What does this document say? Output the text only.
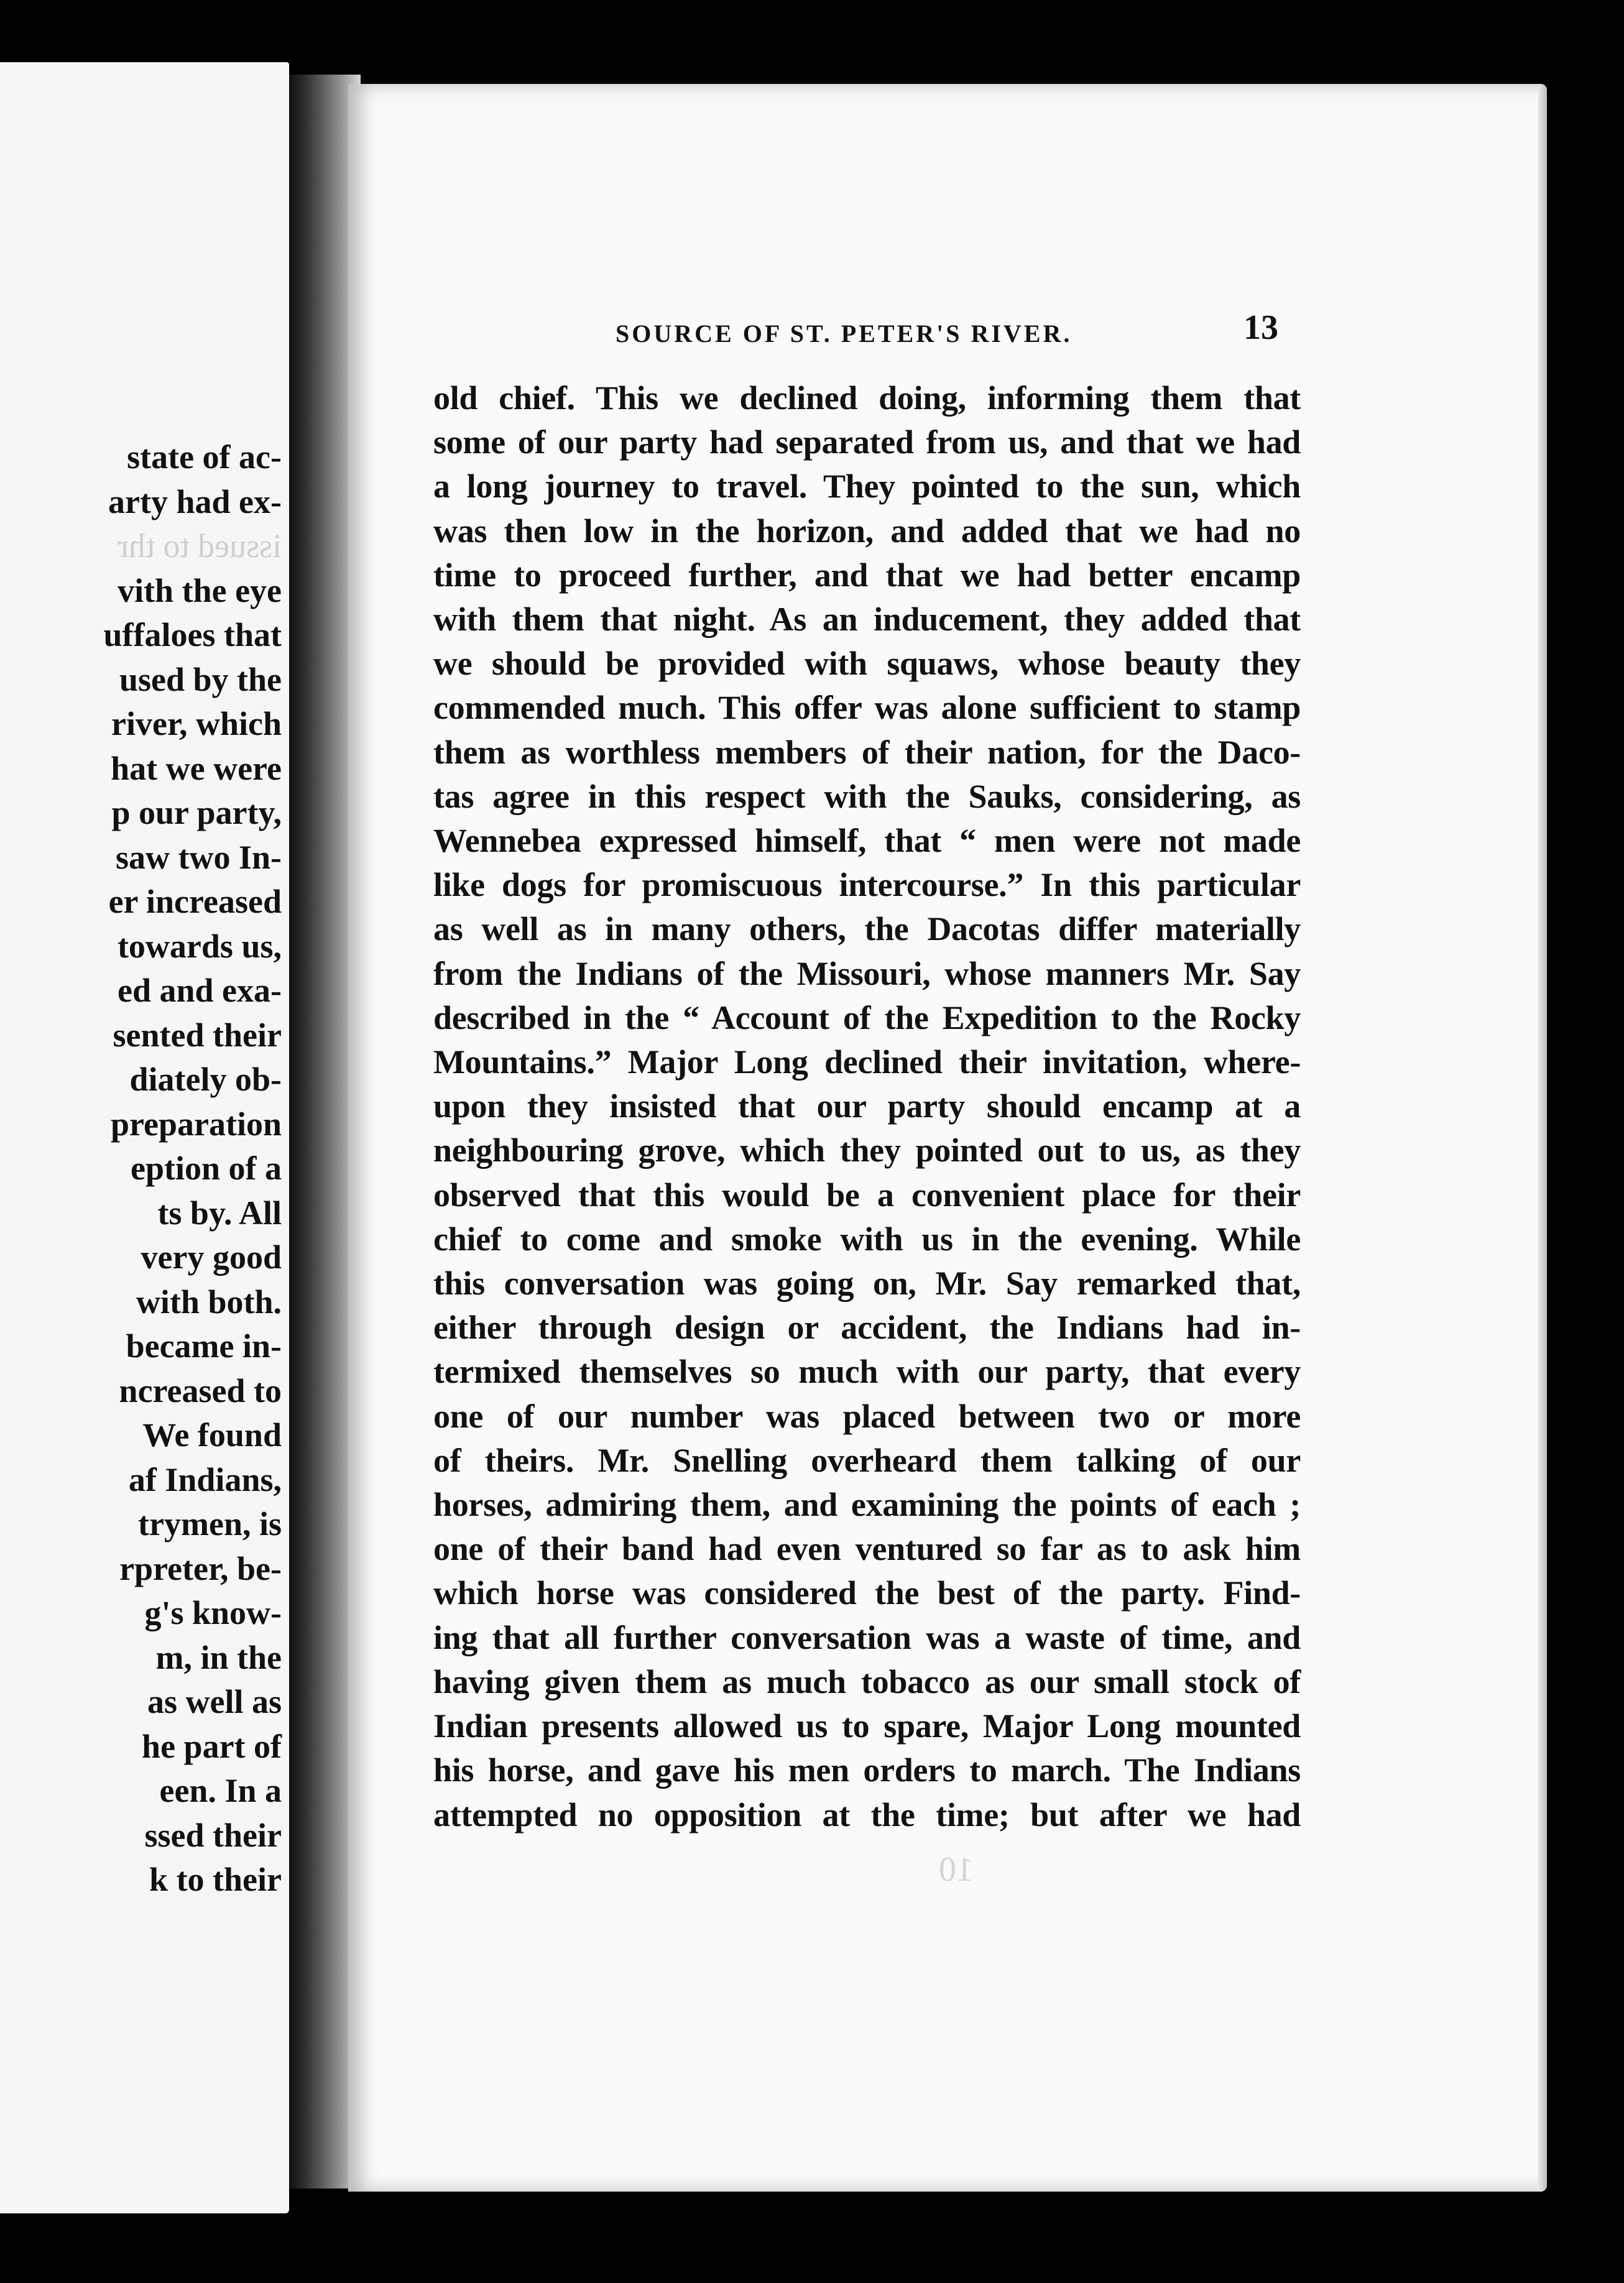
state of ac-
arty had ex-
issued to thr
vith the eye
uffaloes that
used by the
river, which
hat we were
p our party,
saw two In-
er increased
towards us,
ed and exa-
sented their
diately ob-
preparation
eption of a
ts by. All
very good
with both.
became in-
ncreased to
We found
af Indians,
trymen, is
rpreter, be-
g's know-
m, in the
as well as
he part of
een. In a
ssed their
k to their
SOURCE OF ST. PETER'S RIVER.	13
old chief. This we declined doing, informing them that
some of our party had separated from us, and that we had
a long journey to travel. They pointed to the sun, which
was then low in the horizon, and added that we had no
time to proceed further, and that we had better encamp
with them that night. As an inducement, they added that
we should be provided with squaws, whose beauty they
commended much. This offer was alone sufficient to stamp
them as worthless members of their nation, for the Daco-
tas agree in this respect with the Sauks, considering, as
Wennebea expressed himself, that “ men were not made
like dogs for promiscuous intercourse.” In this particular
as well as in many others, the Dacotas differ materially
from the Indians of the Missouri, whose manners Mr. Say
described in the “ Account of the Expedition to the Rocky
Mountains.” Major Long declined their invitation, where-
upon they insisted that our party should encamp at a
neighbouring grove, which they pointed out to us, as they
observed that this would be a convenient place for their
chief to come and smoke with us in the evening. While
this conversation was going on, Mr. Say remarked that,
either through design or accident, the Indians had in-
termixed themselves so much with our party, that every
one of our number was placed between two or more
of theirs. Mr. Snelling overheard them talking of our
horses, admiring them, and examining the points of each ;
one of their band had even ventured so far as to ask him
which horse was considered the best of the party. Find-
ing that all further conversation was a waste of time, and
having given them as much tobacco as our small stock of
Indian presents allowed us to spare, Major Long mounted
his horse, and gave his men orders to march. The Indians
attempted no opposition at the time; but after we had
10
